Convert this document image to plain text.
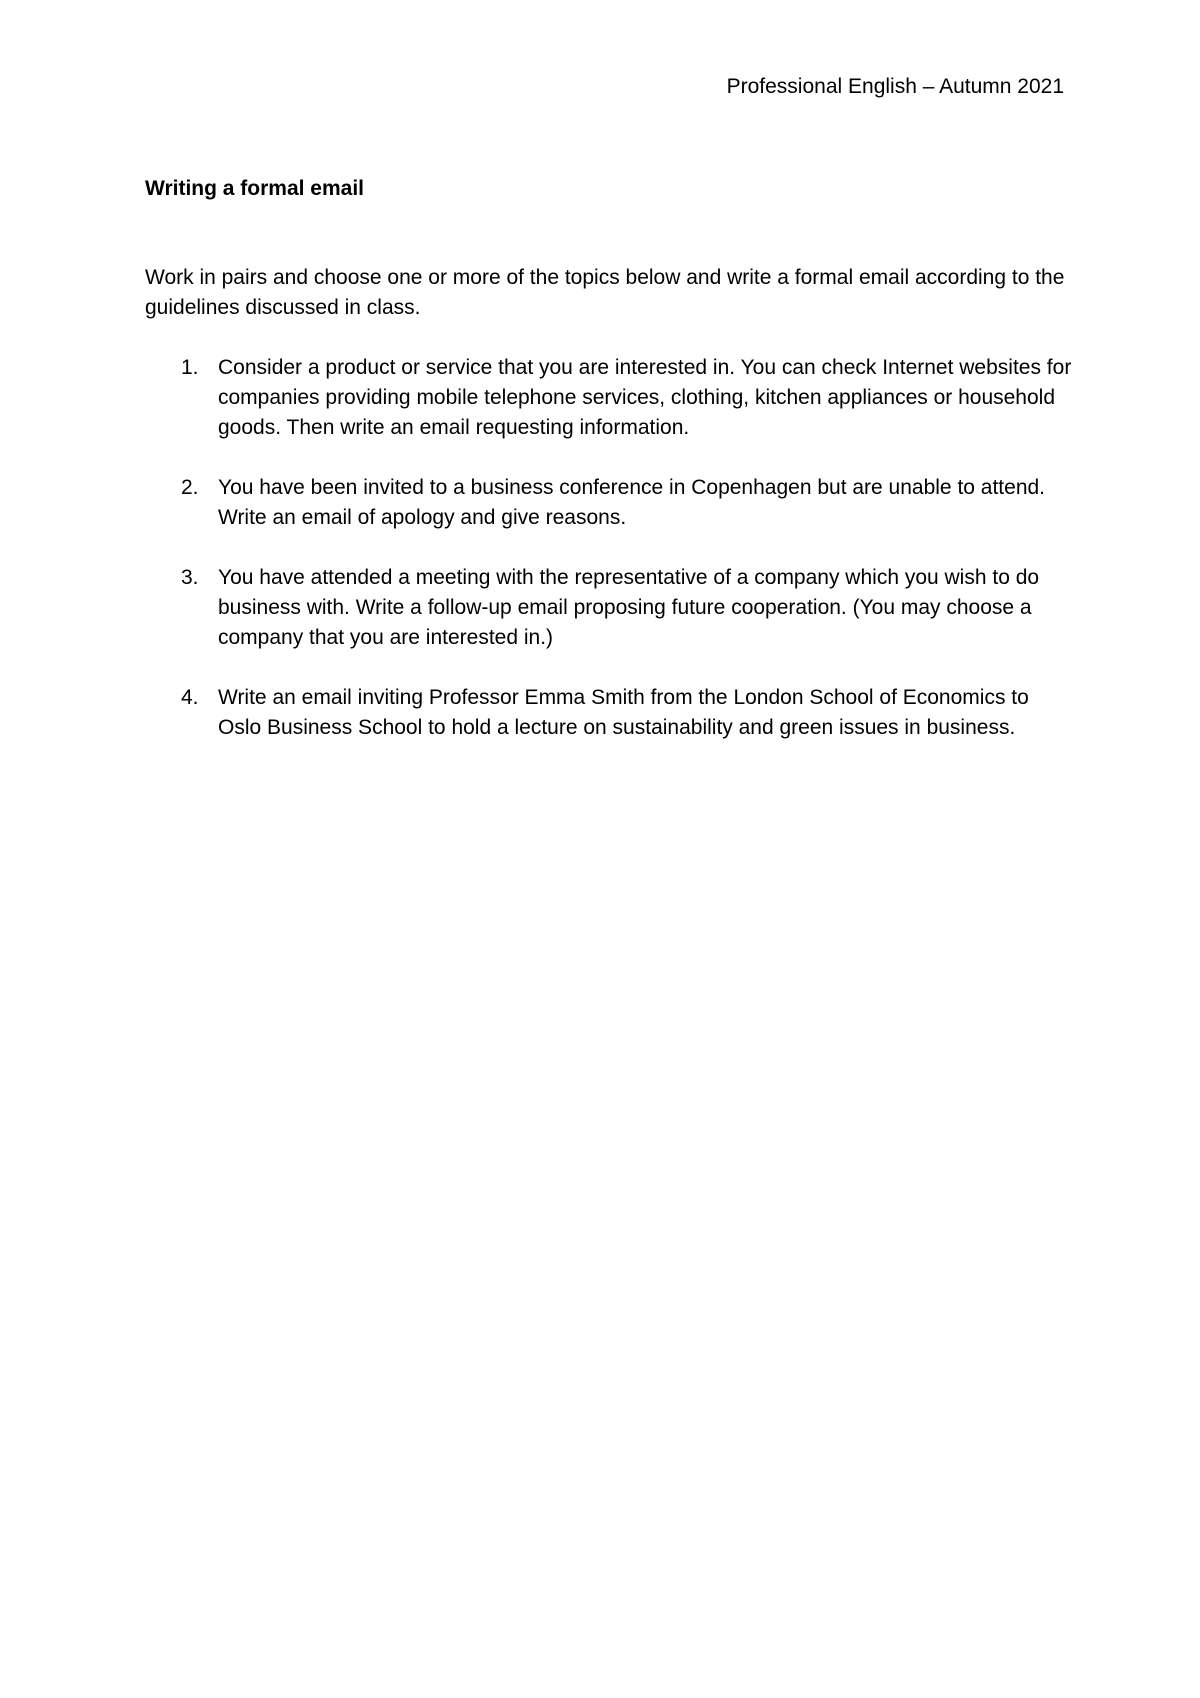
Professional English – Autumn 2021
Writing a formal email
Work in pairs and choose one or more of the topics below and write a formal email according to the guidelines discussed in class.
1. Consider a product or service that you are interested in. You can check Internet websites for companies providing mobile telephone services, clothing, kitchen appliances or household goods. Then write an email requesting information.
2. You have been invited to a business conference in Copenhagen but are unable to attend. Write an email of apology and give reasons.
3. You have attended a meeting with the representative of a company which you wish to do business with. Write a follow-up email proposing future cooperation. (You may choose a company that you are interested in.)
4. Write an email inviting Professor Emma Smith from the London School of Economics to Oslo Business School to hold a lecture on sustainability and green issues in business.
